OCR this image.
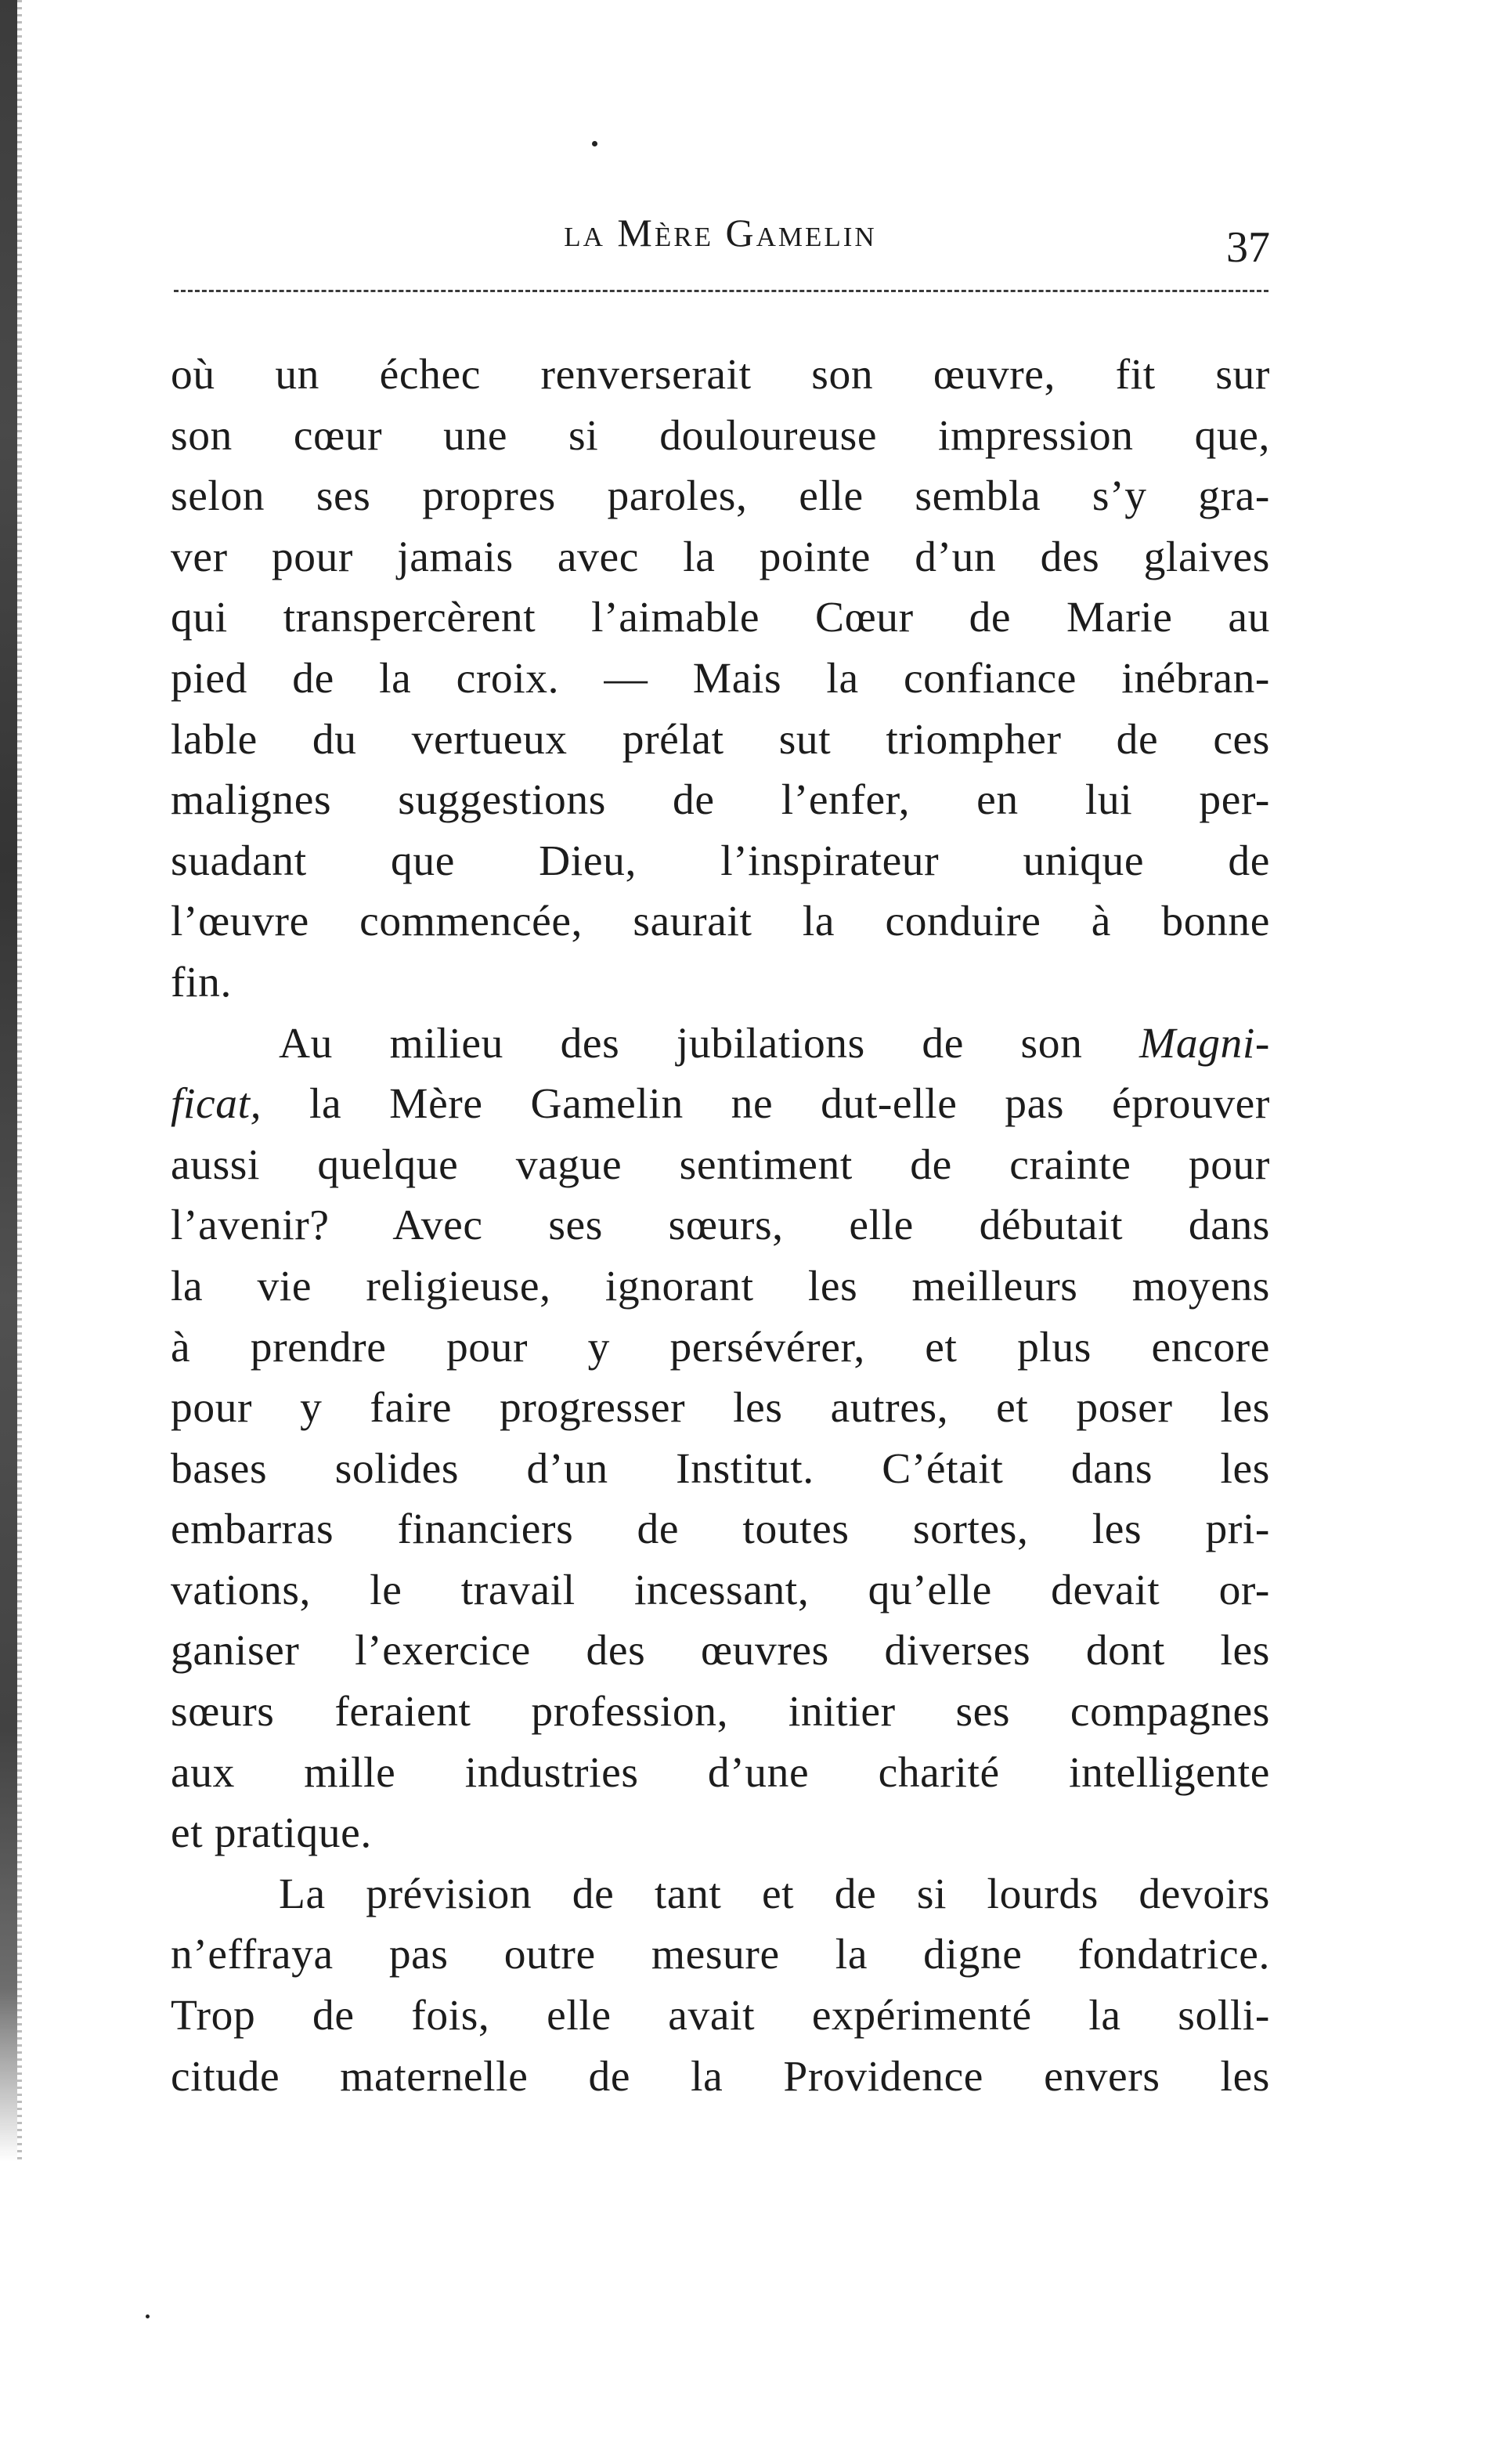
la Mère Gamelin	37
où un échec renverserait son œuvre, fit sur
son cœur une si douloureuse impression que,
selon ses propres paroles, elle sembla s’y gra-
ver pour jamais avec la pointe d’un des glaives
qui transpercèrent l’aimable Cœur de Marie au
pied de la croix. — Mais la confiance inébran-
lable du vertueux prélat sut triompher de ces
malignes suggestions de l’enfer, en lui per-
suadant que Dieu, l’inspirateur unique de
l’œuvre commencée, saurait la conduire à bonne
fin.
Au milieu des jubilations de son Magni-
ficat, la Mère Gamelin ne dut-elle pas éprouver
aussi quelque vague sentiment de crainte pour
l’avenir? Avec ses sœurs, elle débutait dans
la vie religieuse, ignorant les meilleurs moyens
à prendre pour y persévérer, et plus encore
pour y faire progresser les autres, et poser les
bases solides d’un Institut. C’était dans les
embarras financiers de toutes sortes, les pri-
vations, le travail incessant, qu’elle devait or-
ganiser l’exercice des œuvres diverses dont les
sœurs feraient profession, initier ses compagnes
aux mille industries d’une charité intelligente
et pratique.
La prévision de tant et de si lourds devoirs
n’effraya pas outre mesure la digne fondatrice.
Trop de fois, elle avait expérimenté la solli-
citude maternelle de la Providence envers les
